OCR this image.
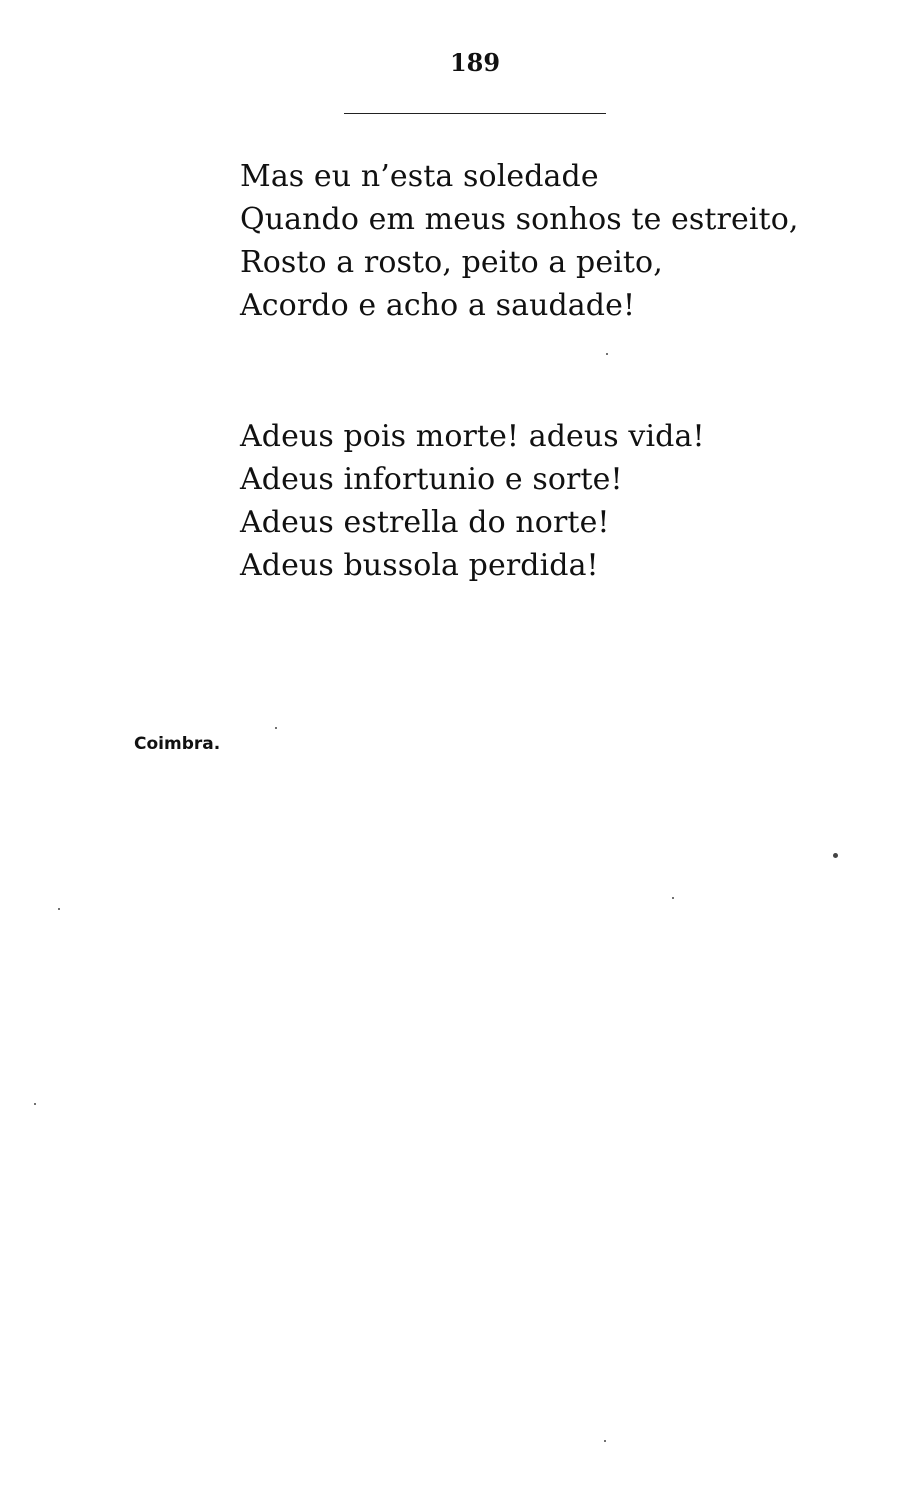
189
Mas eu n’esta soledade
Quando em meus sonhos te estreito,
Rosto a rosto, peito a peito,
Acordo e acho a saudade!
Adeus pois morte! adeus vida!
Adeus infortunio e sorte!
Adeus estrella do norte!
Adeus bussola perdida!
Coimbra.
